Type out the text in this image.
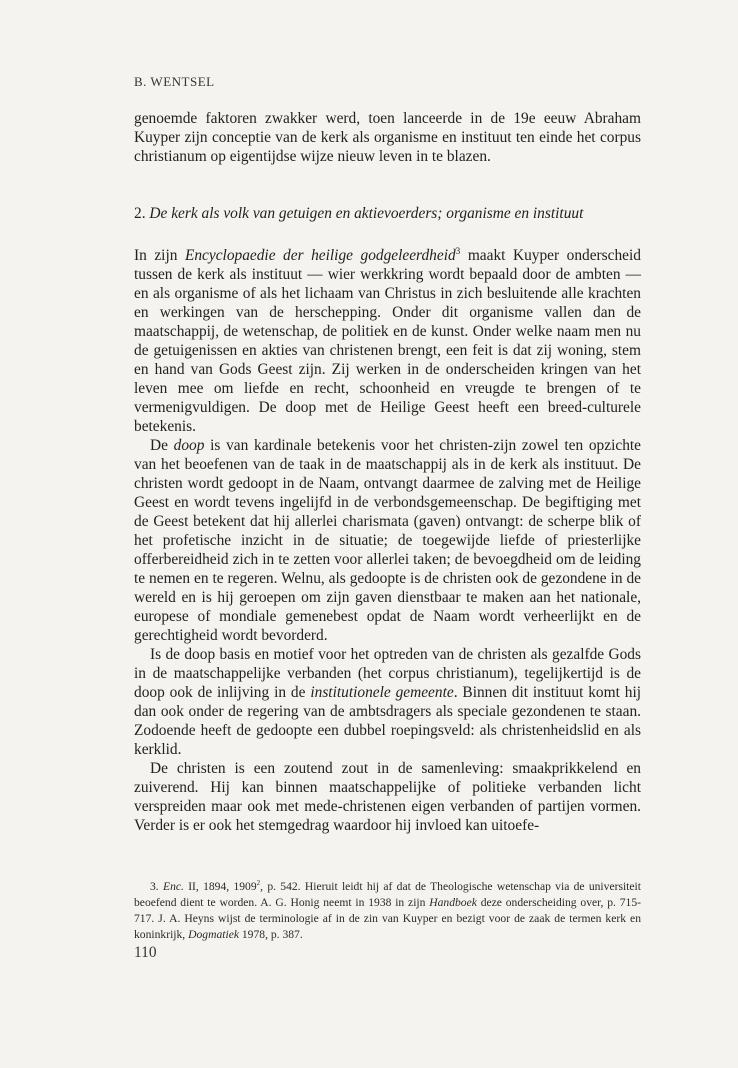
B. WENTSEL

genoemde faktoren zwakker werd, toen lanceerde in de 19e eeuw Abraham Kuyper zijn conceptie van de kerk als organisme en instituut ten einde het corpus christianum op eigentijdse wijze nieuw leven in te blazen.

2. De kerk als volk van getuigen en aktievoerders; organisme en instituut

In zijn Encyclopaedie der heilige godgeleerdheid$^3$ maakt Kuyper onderscheid tussen de kerk als instituut — wier werkkring wordt bepaald door de ambten — en als organisme of als het lichaam van Christus in zich besluitende alle krachten en werkingen van de herschepping. Onder dit organisme vallen dan de maatschappij, de wetenschap, de politiek en de kunst. Onder welke naam men nu de getuigenissen en akties van christenen brengt, een feit is dat zij woning, stem en hand van Gods Geest zijn. Zij werken in de onderscheiden kringen van het leven mee om liefde en recht, schoonheid en vreugde te brengen of te vermenigvuldigen. De doop met de Heilige Geest heeft een breed-culturele betekenis.

De doop is van kardinale betekenis voor het christen-zijn zowel ten opzichte van het beoefenen van de taak in de maatschappij als in de kerk als instituut. De christen wordt gedoopt in de Naam, ontvangt daarmee de zalving met de Heilige Geest en wordt tevens ingelijfd in de verbondsgemeenschap. De begiftiging met de Geest betekent dat hij allerlei charismata (gaven) ontvangt: de scherpe blik of het profetische inzicht in de situatie; de toegewijde liefde of priesterlijke offerbereidheid zich in te zetten voor allerlei taken; de bevoegdheid om de leiding te nemen en te regeren. Welnu, als gedoopte is de christen ook de gezondene in de wereld en is hij geroepen om zijn gaven dienstbaar te maken aan het nationale, europese of mondiale gemenebest opdat de Naam wordt verheerlijkt en de gerechtigheid wordt bevorderd.

Is de doop basis en motief voor het optreden van de christen als gezalfde Gods in de maatschappelijke verbanden (het corpus christianum), tegelijkertijd is de doop ook de inlijving in de institutionele gemeente. Binnen dit instituut komt hij dan ook onder de regering van de ambtsdragers als speciale gezondenen te staan. Zodoende heeft de gedoopte een dubbel roepingsveld: als christenheidslid en als kerklid.

De christen is een zoutend zout in de samenleving: smaakprikkelend en zuiverend. Hij kan binnen maatschappelijke of politieke verbanden licht verspreiden maar ook met mede-christenen eigen verbanden of partijen vormen. Verder is er ook het stemgedrag waardoor hij invloed kan uitoefe-

3. Enc. II, 1894, 1909$^2$, p. 542. Hieruit leidt hij af dat de Theologische wetenschap via de universiteit beoefend dient te worden. A. G. Honig neemt in 1938 in zijn Handboek deze onderscheiding over, p. 715-717. J. A. Heyns wijst de terminologie af in de zin van Kuyper en bezigt voor de zaak de termen kerk en koninkrijk, Dogmatiek 1978, p. 387.

110
